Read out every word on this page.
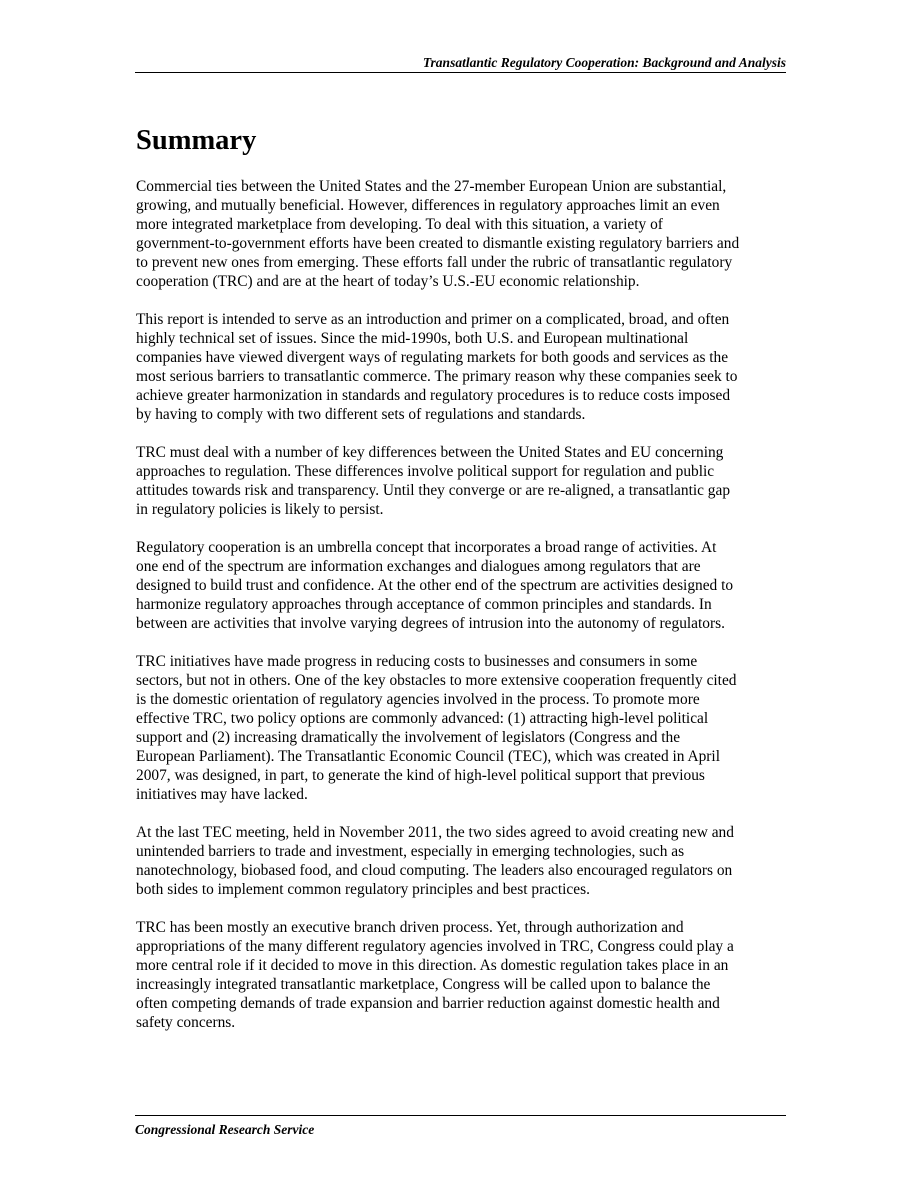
Transatlantic Regulatory Cooperation: Background and Analysis
Summary

Commercial ties between the United States and the 27-member European Union are substantial,
growing, and mutually beneficial. However, differences in regulatory approaches limit an even
more integrated marketplace from developing. To deal with this situation, a variety of
government-to-government efforts have been created to dismantle existing regulatory barriers and
to prevent new ones from emerging. These efforts fall under the rubric of transatlantic regulatory
cooperation (TRC) and are at the heart of today’s U.S.-EU economic relationship.

This report is intended to serve as an introduction and primer on a complicated, broad, and often
highly technical set of issues. Since the mid-1990s, both U.S. and European multinational
companies have viewed divergent ways of regulating markets for both goods and services as the
most serious barriers to transatlantic commerce. The primary reason why these companies seek to
achieve greater harmonization in standards and regulatory procedures is to reduce costs imposed
by having to comply with two different sets of regulations and standards.

TRC must deal with a number of key differences between the United States and EU concerning
approaches to regulation. These differences involve political support for regulation and public
attitudes towards risk and transparency. Until they converge or are re-aligned, a transatlantic gap
in regulatory policies is likely to persist.

Regulatory cooperation is an umbrella concept that incorporates a broad range of activities. At
one end of the spectrum are information exchanges and dialogues among regulators that are
designed to build trust and confidence. At the other end of the spectrum are activities designed to
harmonize regulatory approaches through acceptance of common principles and standards. In
between are activities that involve varying degrees of intrusion into the autonomy of regulators.

TRC initiatives have made progress in reducing costs to businesses and consumers in some
sectors, but not in others. One of the key obstacles to more extensive cooperation frequently cited
is the domestic orientation of regulatory agencies involved in the process. To promote more
effective TRC, two policy options are commonly advanced: (1) attracting high-level political
support and (2) increasing dramatically the involvement of legislators (Congress and the
European Parliament). The Transatlantic Economic Council (TEC), which was created in April
2007, was designed, in part, to generate the kind of high-level political support that previous
initiatives may have lacked.

At the last TEC meeting, held in November 2011, the two sides agreed to avoid creating new and
unintended barriers to trade and investment, especially in emerging technologies, such as
nanotechnology, biobased food, and cloud computing. The leaders also encouraged regulators on
both sides to implement common regulatory principles and best practices.

TRC has been mostly an executive branch driven process. Yet, through authorization and
appropriations of the many different regulatory agencies involved in TRC, Congress could play a
more central role if it decided to move in this direction. As domestic regulation takes place in an
increasingly integrated transatlantic marketplace, Congress will be called upon to balance the
often competing demands of trade expansion and barrier reduction against domestic health and
safety concerns.

Congressional Research Service
